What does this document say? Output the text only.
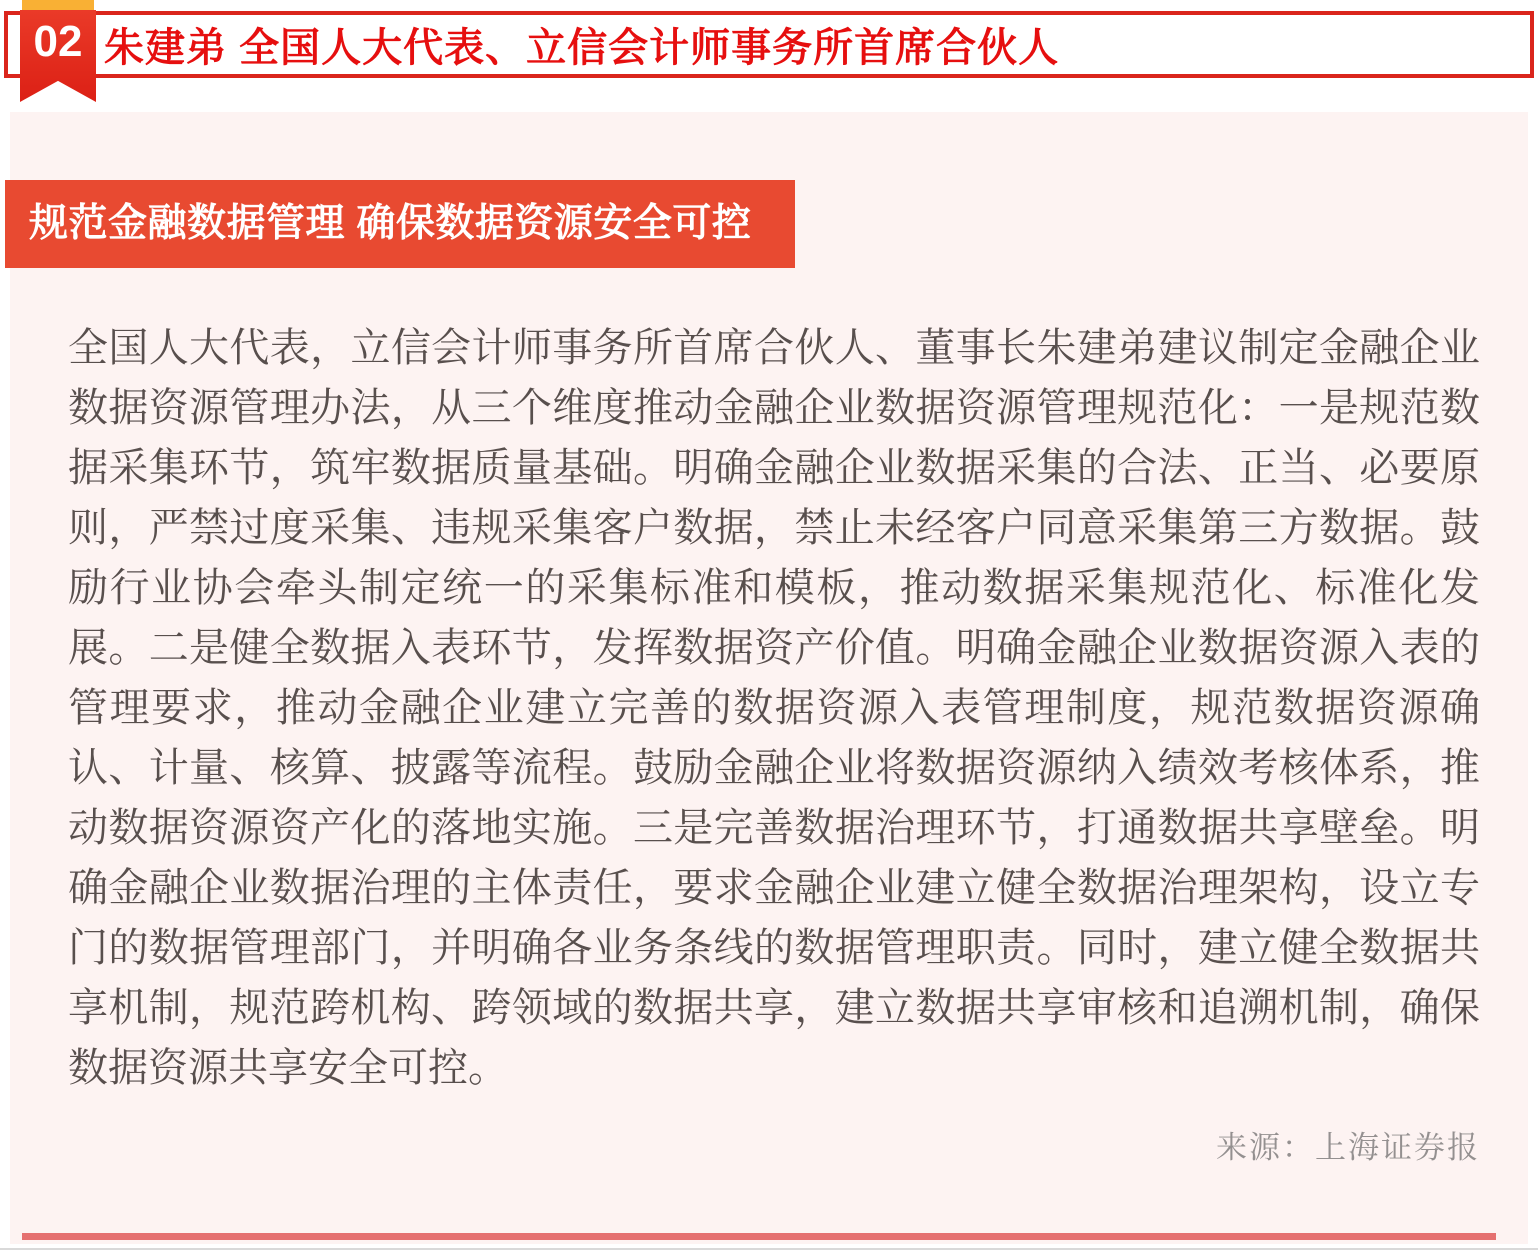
朱建弟 全国人大代表、立信会计师事务所首席合伙人
02
规范金融数据管理 确保数据资源安全可控
全国人大代表，立信会计师事务所首席合伙人、董事长朱建弟建议制定金融企业数据资源管理办法，从三个维度推动金融企业数据资源管理规范化：一是规范数据采集环节，筑牢数据质量基础。明确金融企业数据采集的合法、正当、必要原则，严禁过度采集、违规采集客户数据，禁止未经客户同意采集第三方数据。鼓励行业协会牵头制定统一的采集标准和模板，推动数据采集规范化、标准化发展。二是健全数据入表环节，发挥数据资产价值。明确金融企业数据资源入表的管理要求，推动金融企业建立完善的数据资源入表管理制度，规范数据资源确认、计量、核算、披露等流程。鼓励金融企业将数据资源纳入绩效考核体系，推动数据资源资产化的落地实施。三是完善数据治理环节，打通数据共享壁垒。明确金融企业数据治理的主体责任，要求金融企业建立健全数据治理架构，设立专门的数据管理部门，并明确各业务条线的数据管理职责。同时，建立健全数据共享机制，规范跨机构、跨领域的数据共享，建立数据共享审核和追溯机制，确保数据资源共享安全可控。
来源：上海证券报
